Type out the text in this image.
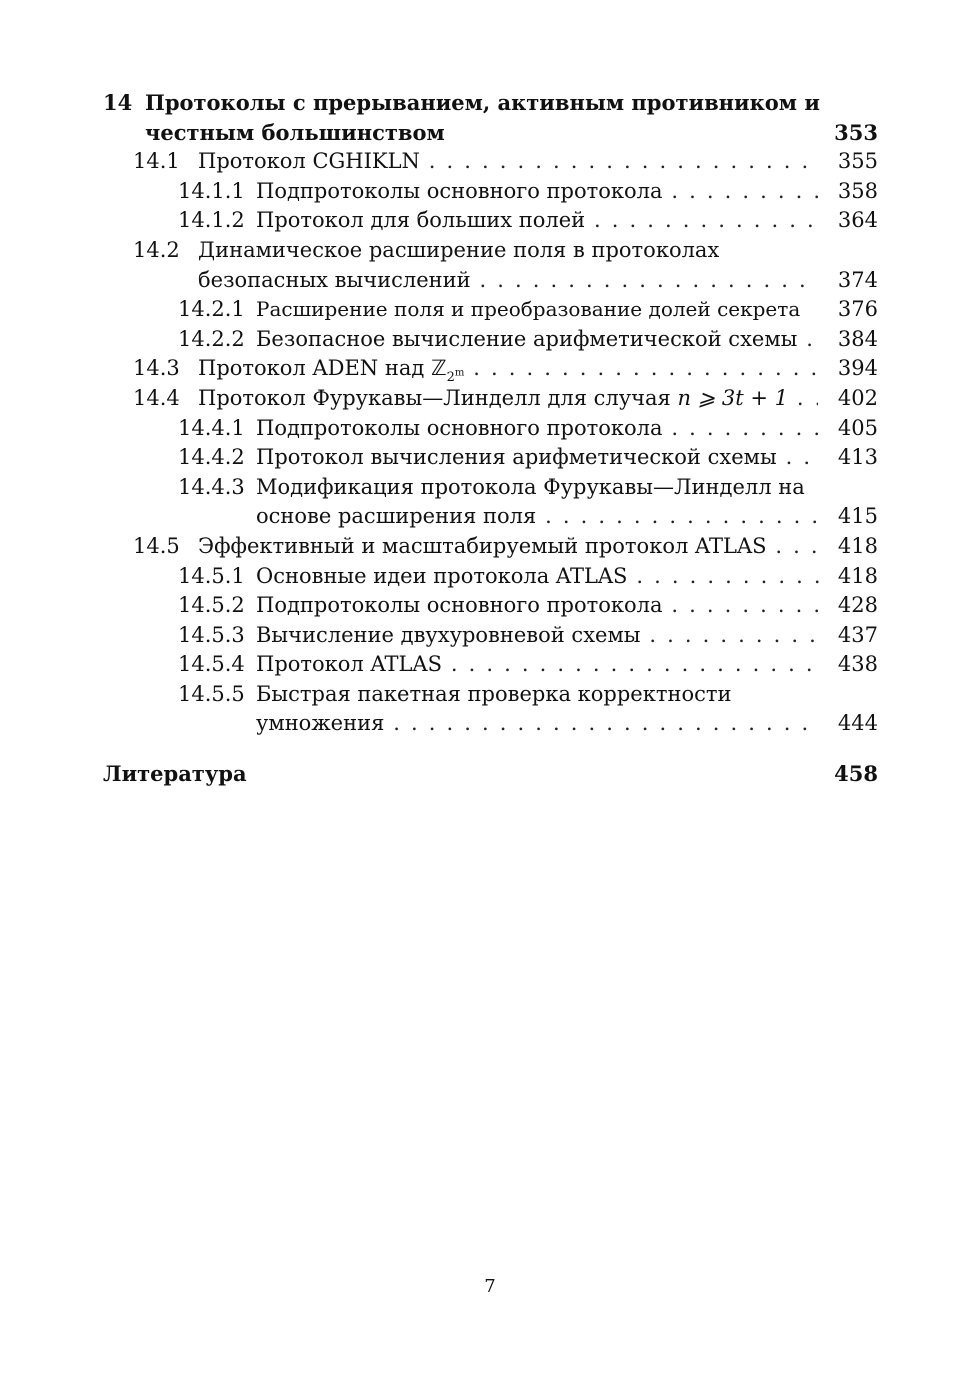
14 Протоколы с прерыванием, активным противником и
честным большинством	353
14.1 Протокол CGHIKLN . . .	355
14.1.1 Подпротоколы основного протокола . . .	358
14.1.2 Протокол для больших полей . . .	364
14.2 Динамическое расширение поля в протоколах
безопасных вычислений . . .	374
14.2.1 Расширение поля и преобразование долей секрета	376
14.2.2 Безопасное вычисление арифметической схемы . . .	384
14.3 Протокол ADEN над ℤ$_{2^m}$ . . .	394
14.4 Протокол Фурукавы—Линделл для случая n ⩾ 3t + 1 . . .	402
14.4.1 Подпротоколы основного протокола . . .	405
14.4.2 Протокол вычисления арифметической схемы . . .	413
14.4.3 Модификация протокола Фурукавы—Линделл на
основе расширения поля . . .	415
14.5 Эффективный и масштабируемый протокол ATLAS . . .	418
14.5.1 Основные идеи протокола ATLAS . . .	418
14.5.2 Подпротоколы основного протокола . . .	428
14.5.3 Вычисление двухуровневой схемы . . .	437
14.5.4 Протокол ATLAS . . .	438
14.5.5 Быстрая пакетная проверка корректности
умножения . . .	444
Литература	458
7
